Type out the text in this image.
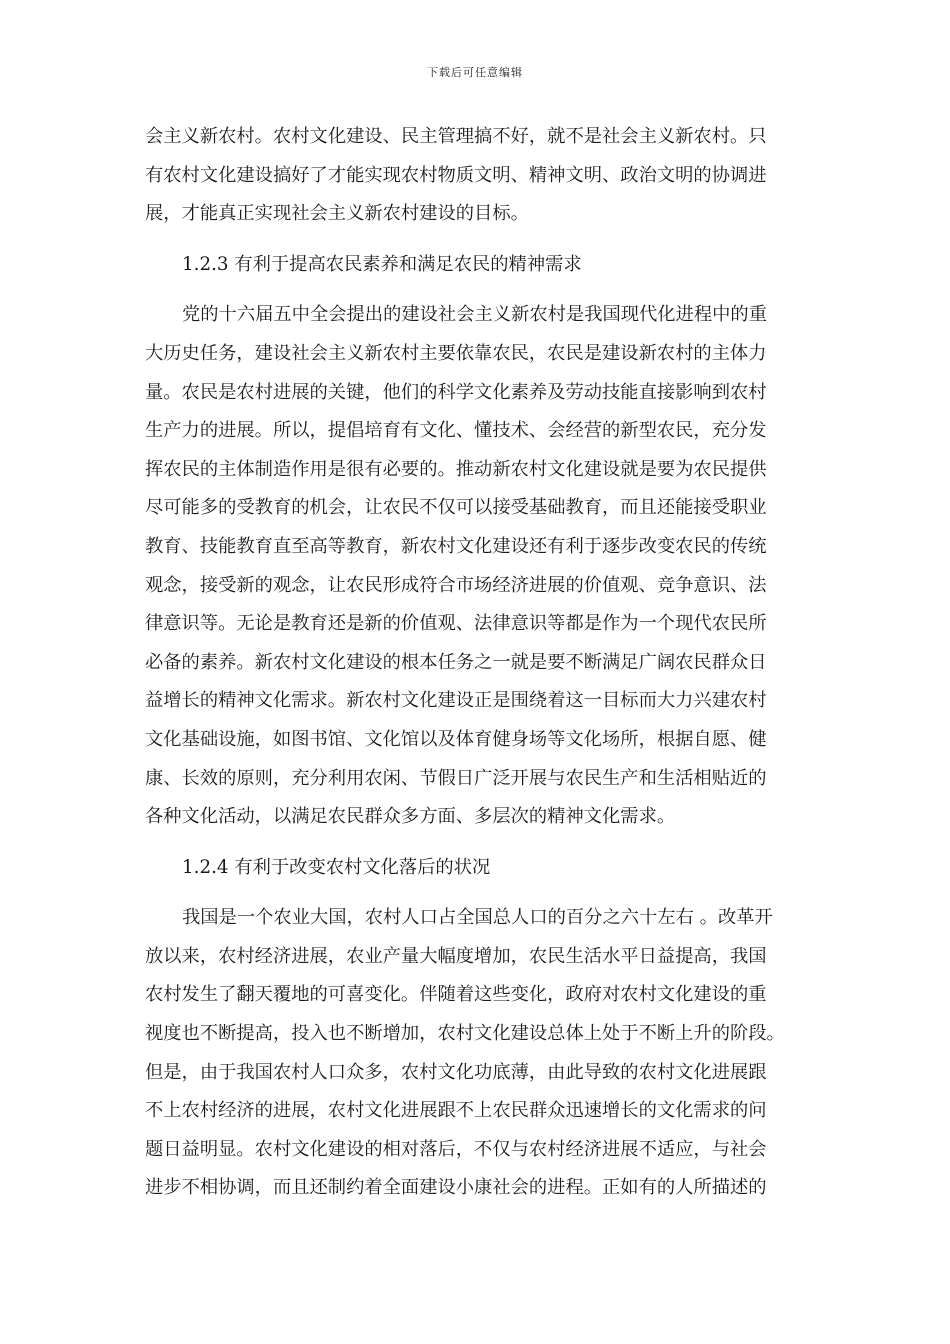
下载后可任意编辑
会主义新农村。农村文化建设、民主管理搞不好，就不是社会主义新农村。只
有农村文化建设搞好了才能实现农村物质文明、精神文明、政治文明的协调进
展，才能真正实现社会主义新农村建设的目标。
1.2.3 有利于提高农民素养和满足农民的精神需求
党的十六届五中全会提出的建设社会主义新农村是我国现代化进程中的重
大历史任务，建设社会主义新农村主要依靠农民，农民是建设新农村的主体力
量。农民是农村进展的关键，他们的科学文化素养及劳动技能直接影响到农村
生产力的进展。所以，提倡培育有文化、懂技术、会经营的新型农民，充分发
挥农民的主体制造作用是很有必要的。推动新农村文化建设就是要为农民提供
尽可能多的受教育的机会，让农民不仅可以接受基础教育，而且还能接受职业
教育、技能教育直至高等教育，新农村文化建设还有利于逐步改变农民的传统
观念，接受新的观念，让农民形成符合市场经济进展的价值观、竞争意识、法
律意识等。无论是教育还是新的价值观、法律意识等都是作为一个现代农民所
必备的素养。新农村文化建设的根本任务之一就是要不断满足广阔农民群众日
益增长的精神文化需求。新农村文化建设正是围绕着这一目标而大力兴建农村
文化基础设施，如图书馆、文化馆以及体育健身场等文化场所，根据自愿、健
康、长效的原则，充分利用农闲、节假日广泛开展与农民生产和生活相贴近的
各种文化活动，以满足农民群众多方面、多层次的精神文化需求。
1.2.4 有利于改变农村文化落后的状况
我国是一个农业大国，农村人口占全国总人口的百分之六十左右 。改革开
放以来，农村经济进展，农业产量大幅度增加，农民生活水平日益提高，我国
农村发生了翻天覆地的可喜变化。伴随着这些变化，政府对农村文化建设的重
视度也不断提高，投入也不断增加，农村文化建设总体上处于不断上升的阶段。
但是，由于我国农村人口众多，农村文化功底薄，由此导致的农村文化进展跟
不上农村经济的进展，农村文化进展跟不上农民群众迅速增长的文化需求的问
题日益明显。农村文化建设的相对落后，不仅与农村经济进展不适应，与社会
进步不相协调，而且还制约着全面建设小康社会的进程。正如有的人所描述的
